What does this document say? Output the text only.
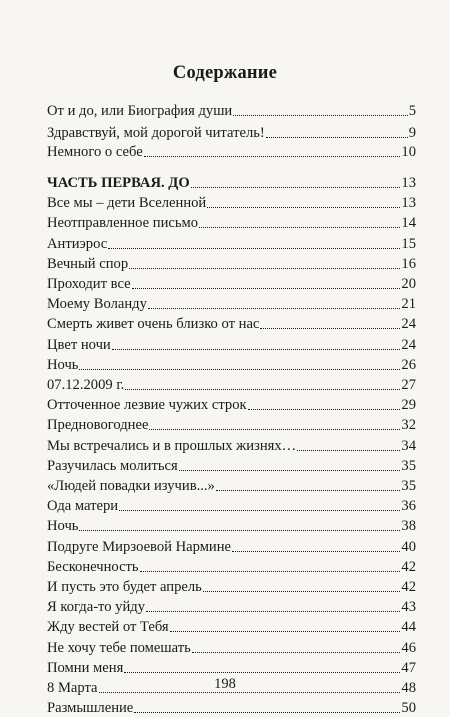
Содержание
От и до, или Биография души	5
Здравствуй, мой дорогой читатель!	9
Немного о себе	10
ЧАСТЬ ПЕРВАЯ. ДО	13
Все мы – дети Вселенной	13
Неотправленное письмо	14
Антиэрос	15
Вечный спор	16
Проходит все	20
Моему Воланду	21
Смерть живет очень близко от нас	24
Цвет ночи	24
Ночь	26
07.12.2009 г.	27
Отточенное лезвие чужих строк	29
Предновогоднее	32
Мы встречались и в прошлых жизнях…	34
Разучилась молиться	35
«Людей повадки изучив...»	35
Ода матери	36
Ночь	38
Подруге Мирзоевой Нармине	40
Бесконечность	42
И пусть это будет апрель	42
Я когда-то уйду	43
Жду вестей от Тебя	44
Не хочу тебе помешать	46
Помни меня	47
8 Марта	48
Размышление	50
198
